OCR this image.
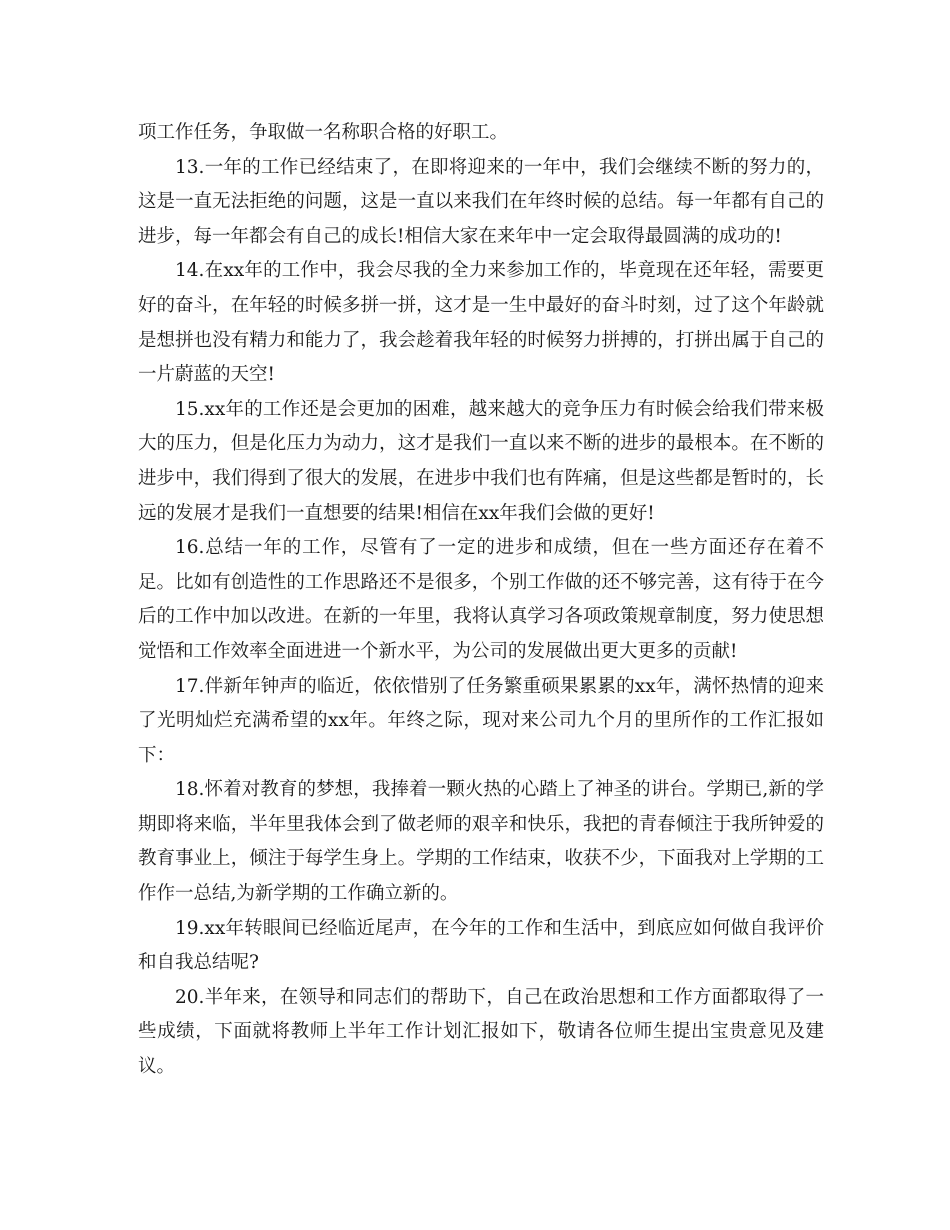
项工作任务，争取做一名称职合格的好职工。

13.一年的工作已经结束了，在即将迎来的一年中，我们会继续不断的努力的，这是一直无法拒绝的问题，这是一直以来我们在年终时候的总结。每一年都有自己的进步，每一年都会有自己的成长!相信大家在来年中一定会取得最圆满的成功的!

14.在xx年的工作中，我会尽我的全力来参加工作的，毕竟现在还年轻，需要更好的奋斗，在年轻的时候多拼一拼，这才是一生中最好的奋斗时刻，过了这个年龄就是想拼也没有精力和能力了，我会趁着我年轻的时候努力拼搏的，打拼出属于自己的一片蔚蓝的天空!

15.xx年的工作还是会更加的困难，越来越大的竞争压力有时候会给我们带来极大的压力，但是化压力为动力，这才是我们一直以来不断的进步的最根本。在不断的进步中，我们得到了很大的发展，在进步中我们也有阵痛，但是这些都是暂时的，长远的发展才是我们一直想要的结果!相信在xx年我们会做的更好!

16.总结一年的工作，尽管有了一定的进步和成绩，但在一些方面还存在着不足。比如有创造性的工作思路还不是很多，个别工作做的还不够完善，这有待于在今后的工作中加以改进。在新的一年里，我将认真学习各项政策规章制度，努力使思想觉悟和工作效率全面进进一个新水平，为公司的发展做出更大更多的贡献!

17.伴新年钟声的临近，依依惜别了任务繁重硕果累累的xx年，满怀热情的迎来了光明灿烂充满希望的xx年。年终之际，现对来公司九个月的里所作的工作汇报如下：

18.怀着对教育的梦想，我捧着一颗火热的心踏上了神圣的讲台。学期已,新的学期即将来临，半年里我体会到了做老师的艰辛和快乐，我把的青春倾注于我所钟爱的教育事业上，倾注于每学生身上。学期的工作结束，收获不少，下面我对上学期的工作作一总结,为新学期的工作确立新的。

19.xx年转眼间已经临近尾声，在今年的工作和生活中，到底应如何做自我评价和自我总结呢?

20.半年来，在领导和同志们的帮助下，自己在政治思想和工作方面都取得了一些成绩，下面就将教师上半年工作计划汇报如下，敬请各位师生提出宝贵意见及建议。
